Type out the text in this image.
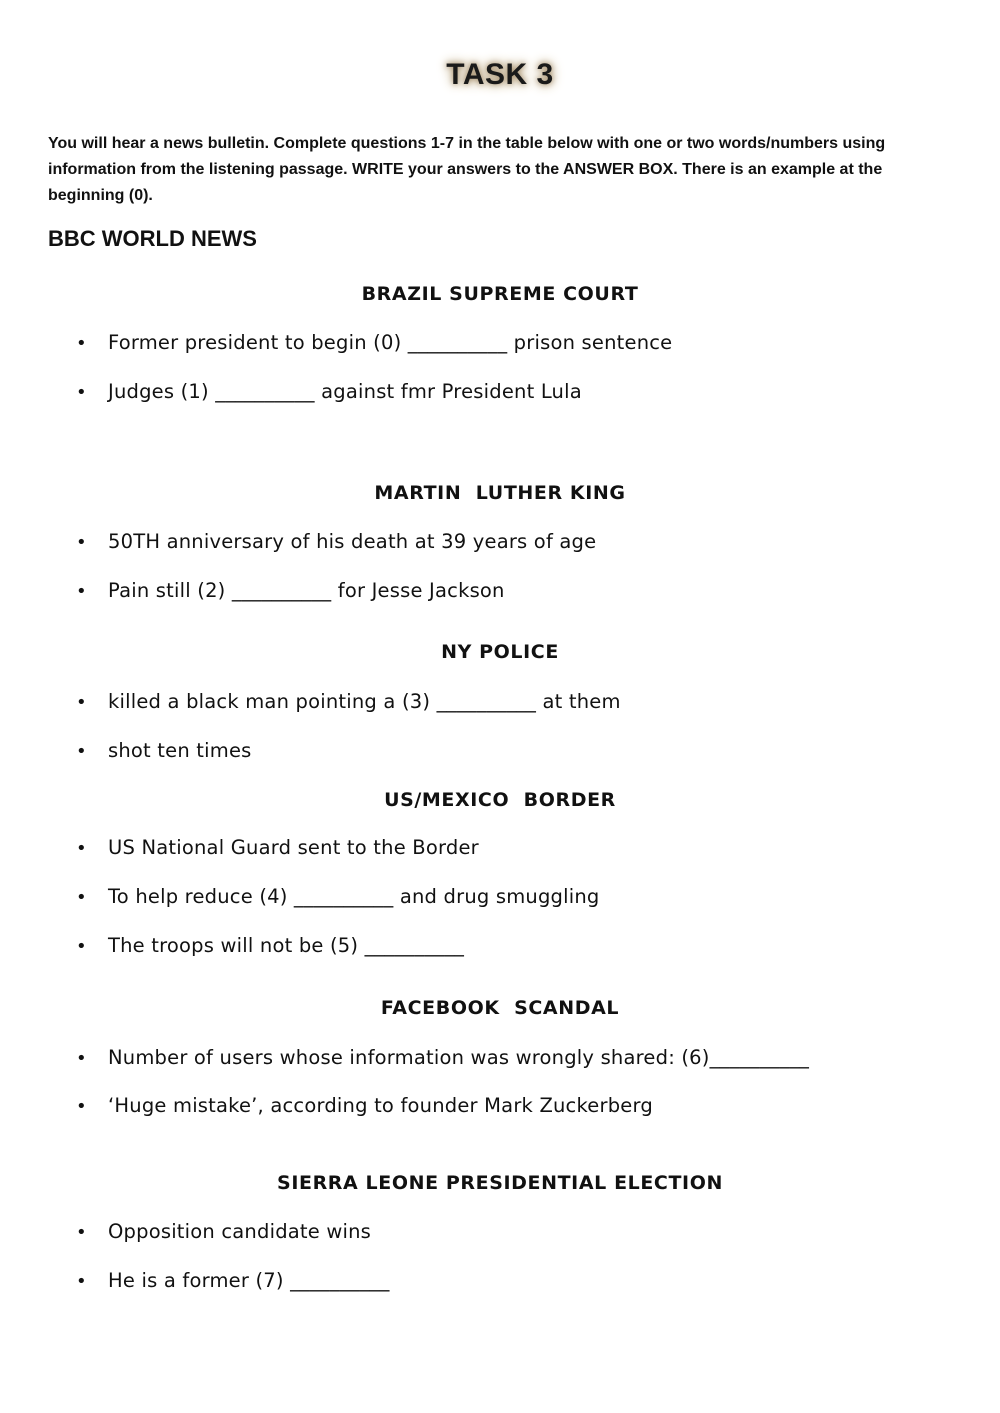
TASK 3
You will hear a news bulletin. Complete questions 1-7 in the table below with one or two words/numbers using information from the listening passage. WRITE your answers to the ANSWER BOX. There is an example at the beginning (0).
BBC WORLD NEWS
BRAZIL SUPREME COURT
• Former president to begin (0) __________ prison sentence
• Judges (1) __________ against fmr President Lula
MARTIN  LUTHER KING
• 50TH anniversary of his death at 39 years of age
• Pain still (2) __________ for Jesse Jackson
NY POLICE
• killed a black man pointing a (3) __________ at them
• shot ten times
US/MEXICO  BORDER
• US National Guard sent to the Border
• To help reduce (4) __________ and drug smuggling
• The troops will not be (5) __________
FACEBOOK  SCANDAL
• Number of users whose information was wrongly shared: (6)__________
• ‘Huge mistake’, according to founder Mark Zuckerberg
SIERRA LEONE PRESIDENTIAL ELECTION
• Opposition candidate wins
• He is a former (7) __________
